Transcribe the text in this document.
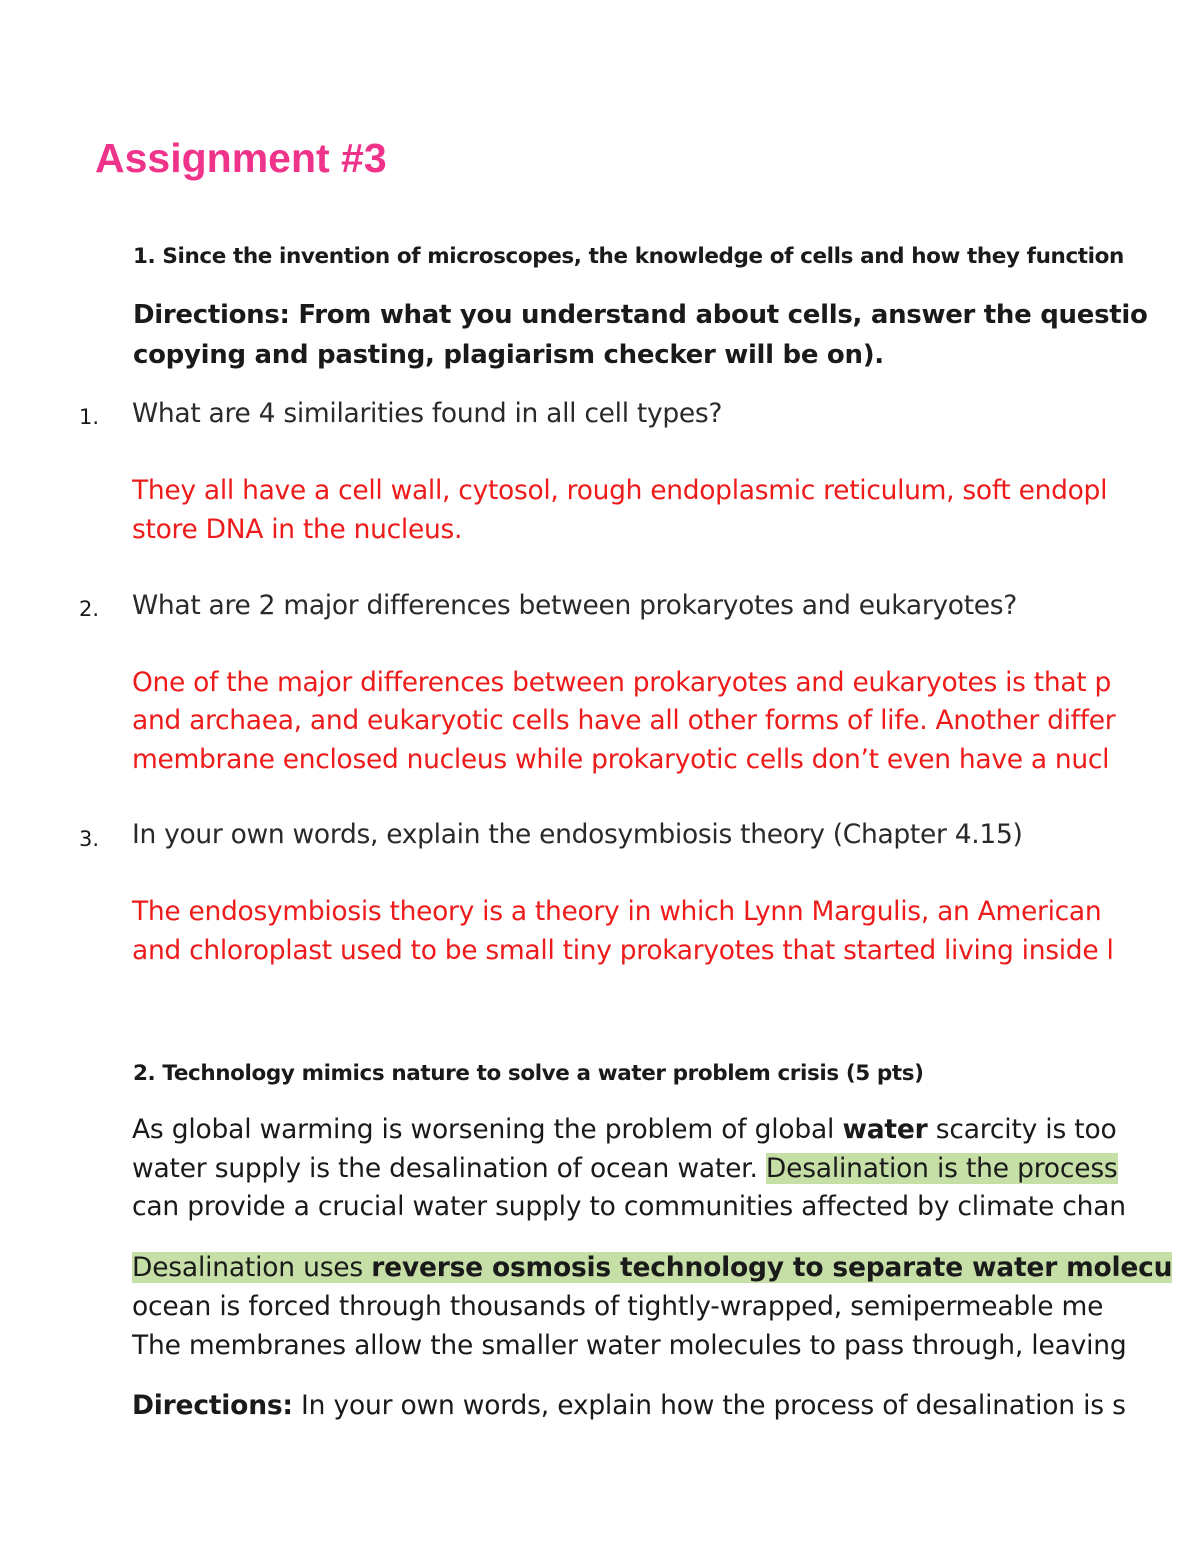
Assignment #3
1. Since the invention of microscopes, the knowledge of cells and how they function
Directions: From what you understand about cells, answer the questio
copying and pasting, plagiarism checker will be on).
1. What are 4 similarities found in all cell types?
They all have a cell wall, cytosol, rough endoplasmic reticulum, soft endopl
store DNA in the nucleus.
2. What are 2 major differences between prokaryotes and eukaryotes?
One of the major differences between prokaryotes and eukaryotes is that p
and archaea, and eukaryotic cells have all other forms of life. Another differ
membrane enclosed nucleus while prokaryotic cells don’t even have a nucl
3. In your own words, explain the endosymbiosis theory (Chapter 4.15)
The endosymbiosis theory is a theory in which Lynn Margulis, an American
and chloroplast used to be small tiny prokaryotes that started living inside l
2. Technology mimics nature to solve a water problem crisis (5 pts)
As global warming is worsening the problem of global water scarcity is too
water supply is the desalination of ocean water. Desalination is the process
can provide a crucial water supply to communities affected by climate chan
Desalination uses reverse osmosis technology to separate water molecu
ocean is forced through thousands of tightly-wrapped, semipermeable me
The membranes allow the smaller water molecules to pass through, leaving
Directions: In your own words, explain how the process of desalination is s
